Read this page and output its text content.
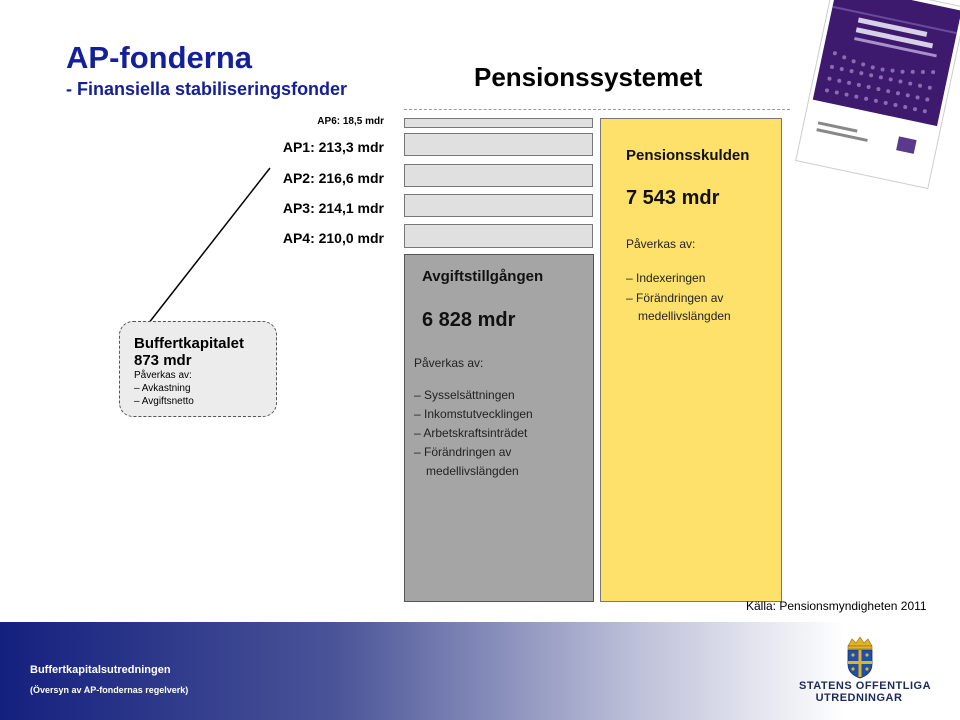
AP-fonderna
- Finansiella stabiliseringsfonder	Pensionssystemet
AP6: 18,5 mdr
AP1: 213,3 mdr
AP2: 216,6 mdr
AP3: 214,1 mdr
AP4: 210,0 mdr
Avgiftstillgången
6 828 mdr
Påverkas av:
– Sysselsättningen
– Inkomstutvecklingen
– Arbetskraftsinträdet
– Förändringen av
medellivslängden
Pensionsskulden
7 543 mdr
Påverkas av:
– Indexeringen
– Förändringen av
medellivslängden
Buffertkapitalet
873 mdr
Påverkas av:
– Avkastning
– Avgiftsnetto
Källa: Pensionsmyndigheten 2011
Buffertkapitalsutredningen
(Översyn av AP-fondernas regelverk)	STATENS OFFENTLIGA
UTREDNINGAR
